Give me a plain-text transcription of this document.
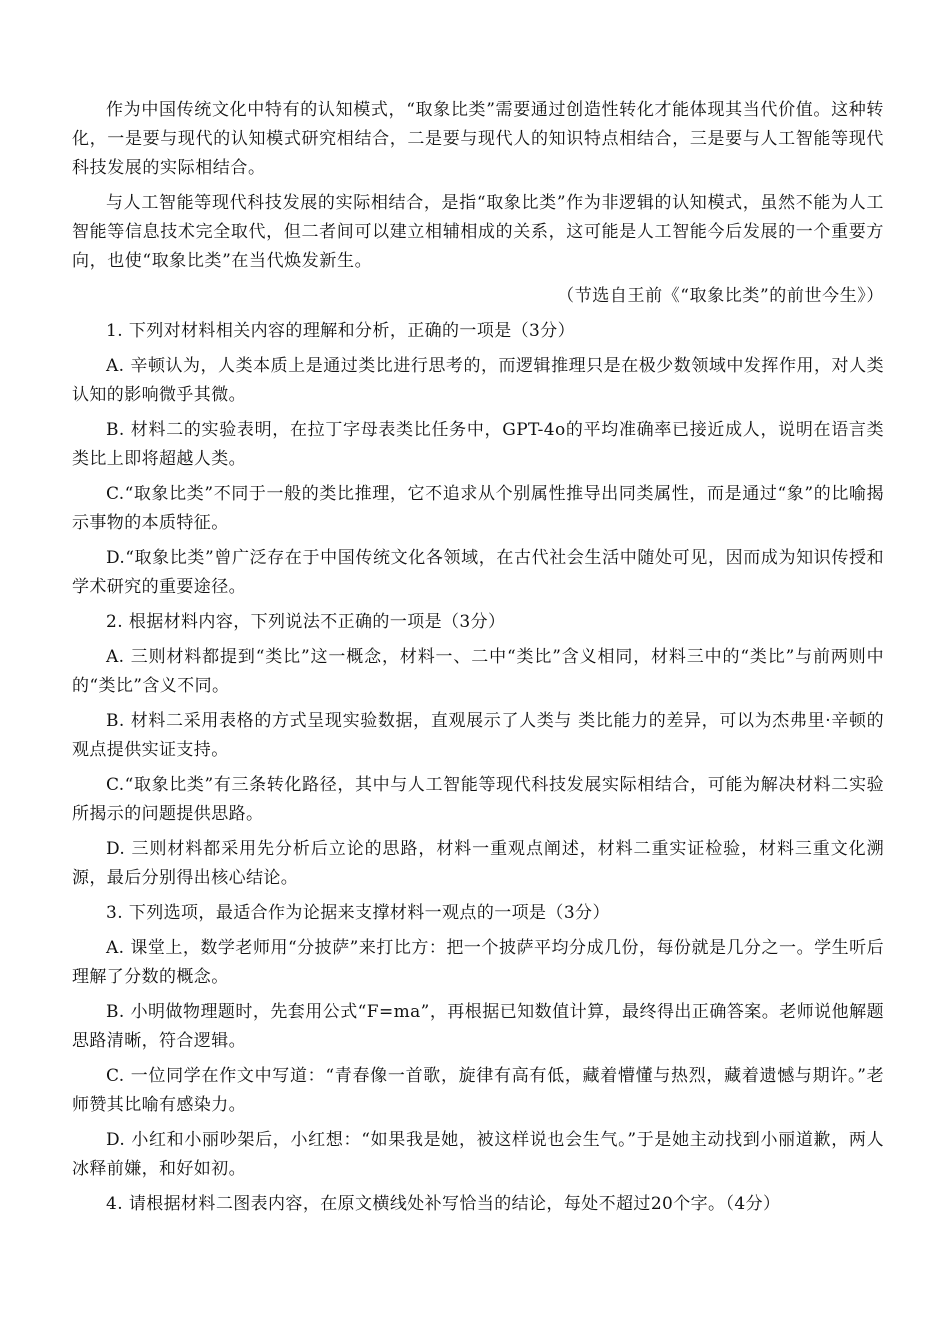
作为中国传统文化中特有的认知模式，“取象比类”需要通过创造性转化才能体现其当代价值。这种转化，一是要与现代的认知模式研究相结合，二是要与现代人的知识特点相结合，三是要与人工智能等现代科技发展的实际相结合。

与人工智能等现代科技发展的实际相结合，是指“取象比类”作为非逻辑的认知模式，虽然不能为人工智能等信息技术完全取代，但二者间可以建立相辅相成的关系，这可能是人工智能今后发展的一个重要方向，也使“取象比类”在当代焕发新生。

（节选自王前《“取象比类”的前世今生》）

1. 下列对材料相关内容的理解和分析，正确的一项是（3分）

A. 辛顿认为，人类本质上是通过类比进行思考的，而逻辑推理只是在极少数领域中发挥作用，对人类认知的影响微乎其微。

B. 材料二的实验表明，在拉丁字母表类比任务中，GPT-4o的平均准确率已接近成人，说明在语言类类比上即将超越人类。

C.“取象比类”不同于一般的类比推理，它不追求从个别属性推导出同类属性，而是通过“象”的比喻揭示事物的本质特征。

D.“取象比类”曾广泛存在于中国传统文化各领域，在古代社会生活中随处可见，因而成为知识传授和学术研究的重要途径。

2. 根据材料内容，下列说法不正确的一项是（3分）

A. 三则材料都提到“类比”这一概念，材料一、二中“类比”含义相同，材料三中的“类比”与前两则中的“类比”含义不同。

B. 材料二采用表格的方式呈现实验数据，直观展示了人类与 类比能力的差异，可以为杰弗里·辛顿的观点提供实证支持。

C.“取象比类”有三条转化路径，其中与人工智能等现代科技发展实际相结合，可能为解决材料二实验所揭示的问题提供思路。

D. 三则材料都采用先分析后立论的思路，材料一重观点阐述，材料二重实证检验，材料三重文化溯源，最后分别得出核心结论。

3. 下列选项，最适合作为论据来支撑材料一观点的一项是（3分）

A. 课堂上，数学老师用“分披萨”来打比方：把一个披萨平均分成几份，每份就是几分之一。学生听后理解了分数的概念。

B. 小明做物理题时，先套用公式“F=ma”，再根据已知数值计算，最终得出正确答案。老师说他解题思路清晰，符合逻辑。

C. 一位同学在作文中写道：“青春像一首歌，旋律有高有低，藏着懵懂与热烈，藏着遗憾与期许。”老师赞其比喻有感染力。

D. 小红和小丽吵架后，小红想：“如果我是她，被这样说也会生气。”于是她主动找到小丽道歉，两人冰释前嫌，和好如初。

4. 请根据材料二图表内容，在原文横线处补写恰当的结论，每处不超过20个字。（4分）
